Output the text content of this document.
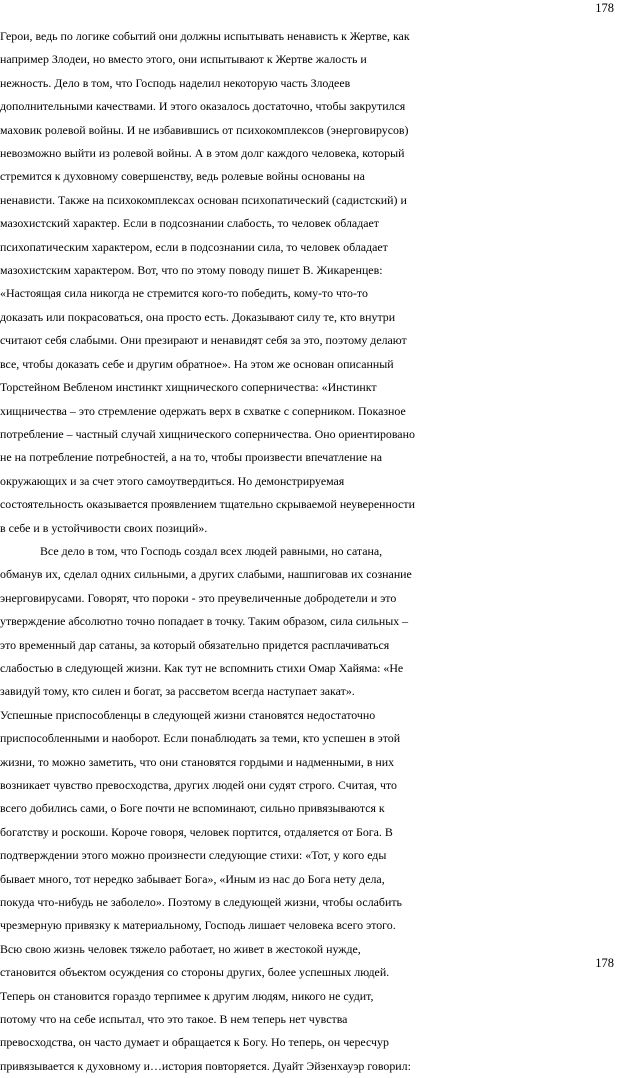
178
Герои, ведь по логике событий они должны испытывать ненависть к Жертве, как
например Злодеи, но вместо этого, они испытывают к Жертве жалость и
нежность. Дело в том, что Господь наделил некоторую часть Злодеев
дополнительными качествами. И этого оказалось достаточно, чтобы закрутился
маховик ролевой войны. И не избавившись от психокомплексов (энерговирусов)
невозможно выйти из ролевой войны. А в этом долг каждого человека, который
стремится к духовному совершенству, ведь ролевые войны основаны на
ненависти. Также на психокомплексах основан психопатический (садистский) и
мазохистский характер. Если в подсознании слабость, то человек обладает
психопатическим характером, если в подсознании сила, то человек обладает
мазохистским характером. Вот, что по этому поводу пишет В. Жикаренцев:
«Настоящая сила никогда не стремится кого-то победить, кому-то что-то
доказать или покрасоваться, она просто есть. Доказывают силу те, кто внутри
считают себя слабыми. Они презирают и ненавидят себя за это, поэтому делают
все, чтобы доказать себе и другим обратное». На этом же основан описанный
Торстейном Вебленом инстинкт хищнического соперничества: «Инстинкт
хищничества – это стремление одержать верх в схватке с соперником. Показное
потребление – частный случай хищнического соперничества. Оно ориентировано
не на потребление потребностей, а на то, чтобы произвести впечатление на
окружающих и за счет этого самоутвердиться. Но демонстрируемая
состоятельность оказывается проявлением тщательно скрываемой неуверенности
в себе и в устойчивости своих позиций».
Все дело в том, что Господь создал всех людей равными, но сатана,
обманув их, сделал одних сильными, а других слабыми, нашпиговав их сознание
энерговирусами. Говорят, что пороки - это преувеличенные добродетели и это
утверждение абсолютно точно попадает в точку. Таким образом, сила сильных –
это временный дар сатаны, за который обязательно придется расплачиваться
слабостью в следующей жизни. Как тут не вспомнить стихи Омар Хайяма: «Не
завидуй тому, кто силен и богат, за рассветом всегда наступает закат».
Успешные приспособленцы в следующей жизни становятся недостаточно
приспособленными и наоборот. Если понаблюдать за теми, кто успешен в этой
жизни, то можно заметить, что они становятся гордыми и надменными, в них
возникает чувство превосходства, других людей они судят строго. Считая, что
всего добились сами, о Боге почти не вспоминают, сильно привязываются к
богатству и роскоши. Короче говоря, человек портится, отдаляется от Бога. В
подтверждении этого можно произнести следующие стихи: «Тот, у кого еды
бывает много, тот нередко забывает Бога», «Иным из нас до Бога нету дела,
покуда что-нибудь не заболело». Поэтому в следующей жизни, чтобы ослабить
чрезмерную привязку к материальному, Господь лишает человека всего этого.
Всю свою жизнь человек тяжело работает, но живет в жестокой нужде,
становится объектом осуждения со стороны других, более успешных людей.
Теперь он становится гораздо терпимее к другим людям, никого не судит,
потому что на себе испытал, что это такое. В нем теперь нет чувства
превосходства, он часто думает и обращается к Богу. Но теперь, он чересчур
привязывается к духовному и…история повторяется. Дуайт Эйзенхауэр говорил:
178
